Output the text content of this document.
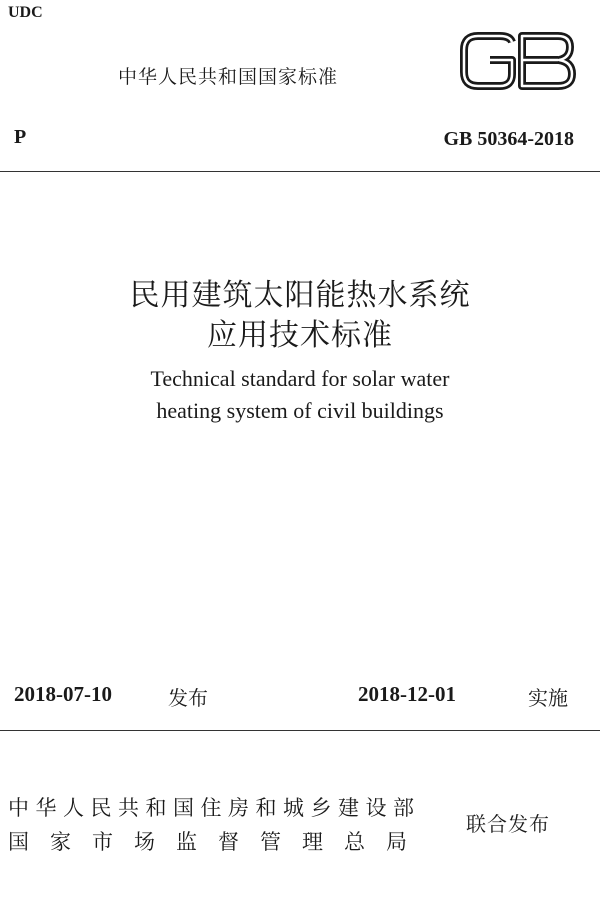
UDC
中华人民共和国国家标准
P	GB 50364-2018
民用建筑太阳能热水系统
应用技术标准
Technical standard for solar water
heating system of civil buildings
2018-07-10	发布	2018-12-01	实施
中华人民共和国住房和城乡建设部
国家市场监督管理总局
联合发布
